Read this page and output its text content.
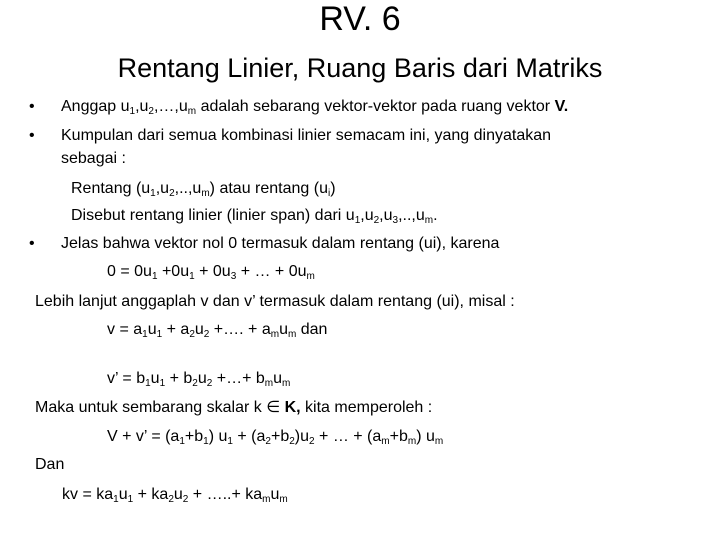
RV. 6
Rentang Linier, Ruang Baris dari Matriks
• Anggap $u_1,u_2,\dots,u_m$ adalah sebarang vektor-vektor pada ruang vektor V.
• Kumpulan dari semua kombinasi linier semacam ini, yang dinyatakan
sebagai :
Rentang $(u_1,u_2,..,u_m)$ atau rentang $(u_i)$
Disebut rentang linier (linier span) dari $u_1,u_2,u_3,..,u_m$.
• Jelas bahwa vektor nol 0 termasuk dalam rentang (ui), karena
$0 = 0u_1 +0u_1 + 0u_3$ + … + $0u_m$
Lebih lanjut anggaplah v dan v’ termasuk dalam rentang (ui), misal :
$v = a_1u_1 + a_2u_2$ +…. + $a_mu_m$ dan
v’ = $b_1u_1 + b_2u_2$ +…+ $b_mu_m$
Maka untuk sembarang skalar k ∈ K, kita memperoleh :
V + v’ = $(a_1+b_1) u_1 + (a_2+b_2)u_2$ + … + $(a_m+b_m)$ $u_m$
Dan
kv = $ka_1u_1 + ka_2u_2$ + …..+ $ka_mu_m$
